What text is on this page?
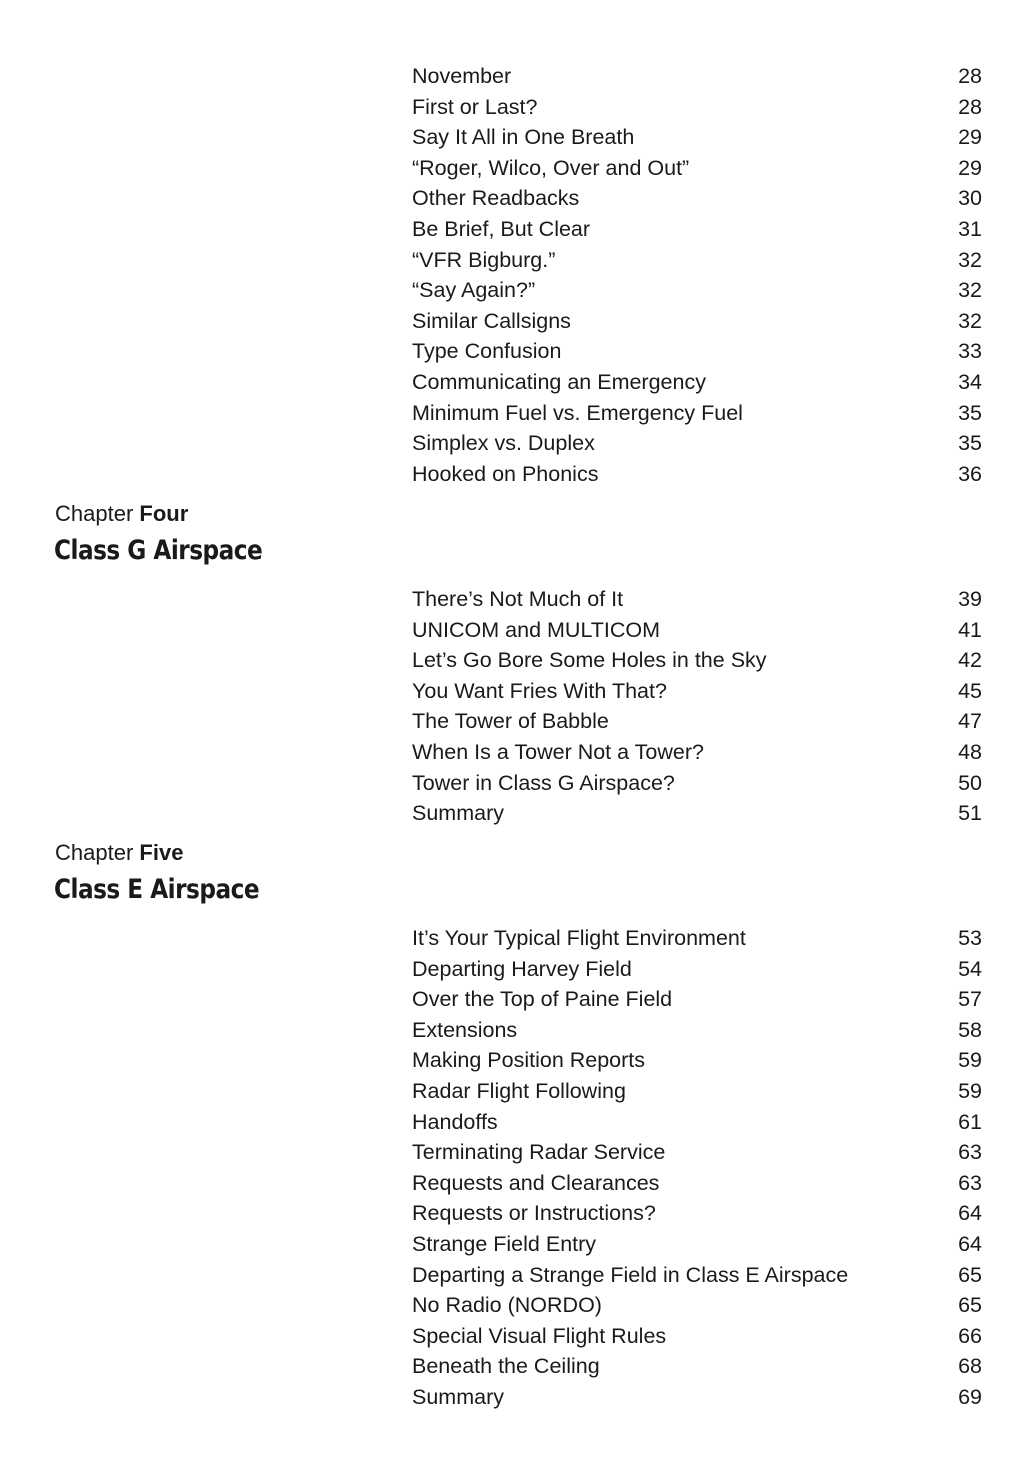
November	28
First or Last?	28
Say It All in One Breath	29
“Roger, Wilco, Over and Out”	29
Other Readbacks	30
Be Brief, But Clear	31
“VFR Bigburg.”	32
“Say Again?”	32
Similar Callsigns	32
Type Confusion	33
Communicating an Emergency	34
Minimum Fuel vs. Emergency Fuel	35
Simplex vs. Duplex	35
Hooked on Phonics	36
Chapter Four
Class G Airspace
There’s Not Much of It	39
UNICOM and MULTICOM	41
Let’s Go Bore Some Holes in the Sky	42
You Want Fries With That?	45
The Tower of Babble	47
When Is a Tower Not a Tower?	48
Tower in Class G Airspace?	50
Summary	51
Chapter Five
Class E Airspace
It’s Your Typical Flight Environment	53
Departing Harvey Field	54
Over the Top of Paine Field	57
Extensions	58
Making Position Reports	59
Radar Flight Following	59
Handoffs	61
Terminating Radar Service	63
Requests and Clearances	63
Requests or Instructions?	64
Strange Field Entry	64
Departing a Strange Field in Class E Airspace	65
No Radio (NORDO)	65
Special Visual Flight Rules	66
Beneath the Ceiling	68
Summary	69
